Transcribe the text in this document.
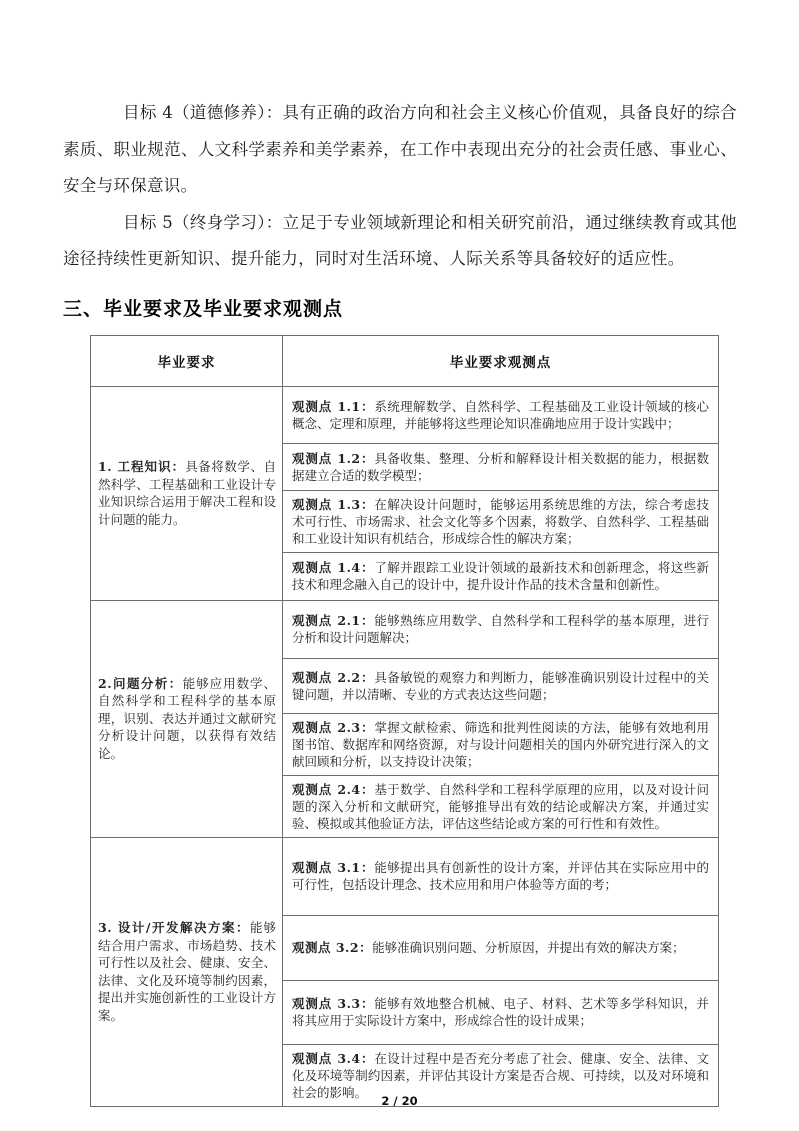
目标 4（道德修养）：具有正确的政治方向和社会主义核心价值观，具备良好的综合素质、职业规范、人文科学素养和美学素养，在工作中表现出充分的社会责任感、事业心、安全与环保意识。

目标 5（终身学习）：立足于专业领域新理论和相关研究前沿，通过继续教育或其他途径持续性更新知识、提升能力，同时对生活环境、人际关系等具备较好的适应性。

三、毕业要求及毕业要求观测点
毕业要求	毕业要求观测点
1. 工程知识：具备将数学、自然科学、工程基础和工业设计专业知识综合运用于解决工程和设计问题的能力。	观测点 1.1：系统理解数学、自然科学、工程基础及工业设计领域的核心概念、定理和原理，并能够将这些理论知识准确地应用于设计实践中；
	观测点 1.2：具备收集、整理、分析和解释设计相关数据的能力，根据数据建立合适的数学模型；
	观测点 1.3：在解决设计问题时，能够运用系统思维的方法，综合考虑技术可行性、市场需求、社会文化等多个因素，将数学、自然科学、工程基础和工业设计知识有机结合，形成综合性的解决方案；
	观测点 1.4：了解并跟踪工业设计领域的最新技术和创新理念，将这些新技术和理念融入自己的设计中，提升设计作品的技术含量和创新性。
2.问题分析：能够应用数学、自然科学和工程科学的基本原理，识别、表达并通过文献研究分析设计问题，以获得有效结论。	观测点 2.1：能够熟练应用数学、自然科学和工程科学的基本原理，进行分析和设计问题解决；
	观测点 2.2：具备敏锐的观察力和判断力，能够准确识别设计过程中的关键问题，并以清晰、专业的方式表达这些问题；
	观测点 2.3：掌握文献检索、筛选和批判性阅读的方法，能够有效地利用图书馆、数据库和网络资源，对与设计问题相关的国内外研究进行深入的文献回顾和分析，以支持设计决策；
	观测点 2.4：基于数学、自然科学和工程科学原理的应用，以及对设计问题的深入分析和文献研究，能够推导出有效的结论或解决方案，并通过实验、模拟或其他验证方法，评估这些结论或方案的可行性和有效性。
3. 设计/开发解决方案：能够结合用户需求、市场趋势、技术可行性以及社会、健康、安全、法律、文化及环境等制约因素，提出并实施创新性的工业设计方案。	观测点 3.1：能够提出具有创新性的设计方案，并评估其在实际应用中的可行性，包括设计理念、技术应用和用户体验等方面的考；
	观测点 3.2：能够准确识别问题、分析原因，并提出有效的解决方案；
	观测点 3.3：能够有效地整合机械、电子、材料、艺术等多学科知识，并将其应用于实际设计方案中，形成综合性的设计成果；
	观测点 3.4：在设计过程中是否充分考虑了社会、健康、安全、法律、文化及环境等制约因素，并评估其设计方案是否合规、可持续，以及对环境和社会的影响。
2 / 20
